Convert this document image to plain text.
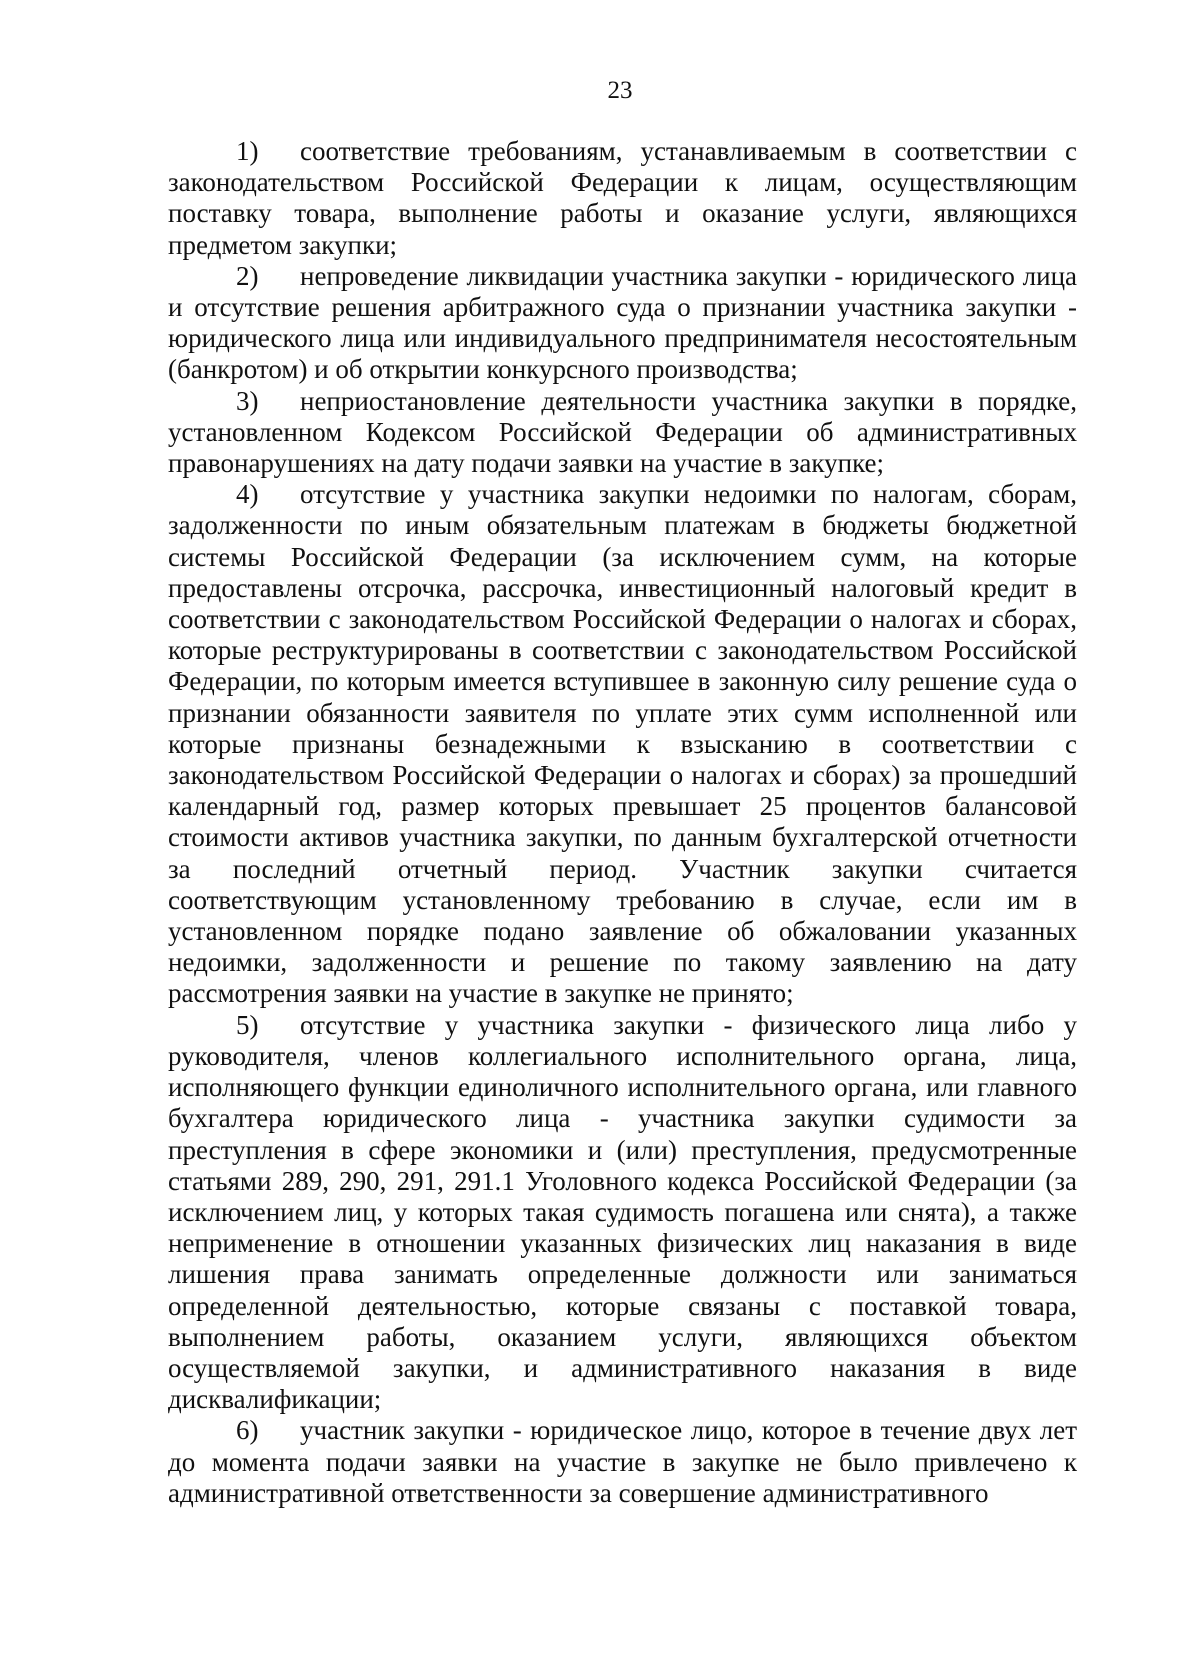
23

1) соответствие требованиям, устанавливаемым в соответствии с законодательством Российской Федерации к лицам, осуществляющим поставку товара, выполнение работы и оказание услуги, являющихся предметом закупки;

2) непроведение ликвидации участника закупки - юридического лица и отсутствие решения арбитражного суда о признании участника закупки - юридического лица или индивидуального предпринимателя несостоятельным (банкротом) и об открытии конкурсного производства;

3) неприостановление деятельности участника закупки в порядке, установленном Кодексом Российской Федерации об административных правонарушениях на дату подачи заявки на участие в закупке;

4) отсутствие у участника закупки недоимки по налогам, сборам, задолженности по иным обязательным платежам в бюджеты бюджетной системы Российской Федерации (за исключением сумм, на которые предоставлены отсрочка, рассрочка, инвестиционный налоговый кредит в соответствии с законодательством Российской Федерации о налогах и сборах, которые реструктурированы в соответствии с законодательством Российской Федерации, по которым имеется вступившее в законную силу решение суда о признании обязанности заявителя по уплате этих сумм исполненной или которые признаны безнадежными к взысканию в соответствии с законодательством Российской Федерации о налогах и сборах) за прошедший календарный год, размер которых превышает 25 процентов балансовой стоимости активов участника закупки, по данным бухгалтерской отчетности за последний отчетный период. Участник закупки считается соответствующим установленному требованию в случае, если им в установленном порядке подано заявление об обжаловании указанных недоимки, задолженности и решение по такому заявлению на дату рассмотрения заявки на участие в закупке не принято;

5) отсутствие у участника закупки - физического лица либо у руководителя, членов коллегиального исполнительного органа, лица, исполняющего функции единоличного исполнительного органа, или главного бухгалтера юридического лица - участника закупки судимости за преступления в сфере экономики и (или) преступления, предусмотренные статьями 289, 290, 291, 291.1 Уголовного кодекса Российской Федерации (за исключением лиц, у которых такая судимость погашена или снята), а также неприменение в отношении указанных физических лиц наказания в виде лишения права занимать определенные должности или заниматься определенной деятельностью, которые связаны с поставкой товара, выполнением работы, оказанием услуги, являющихся объектом осуществляемой закупки, и административного наказания в виде дисквалификации;

6) участник закупки - юридическое лицо, которое в течение двух лет до момента подачи заявки на участие в закупке не было привлечено к административной ответственности за совершение административного
